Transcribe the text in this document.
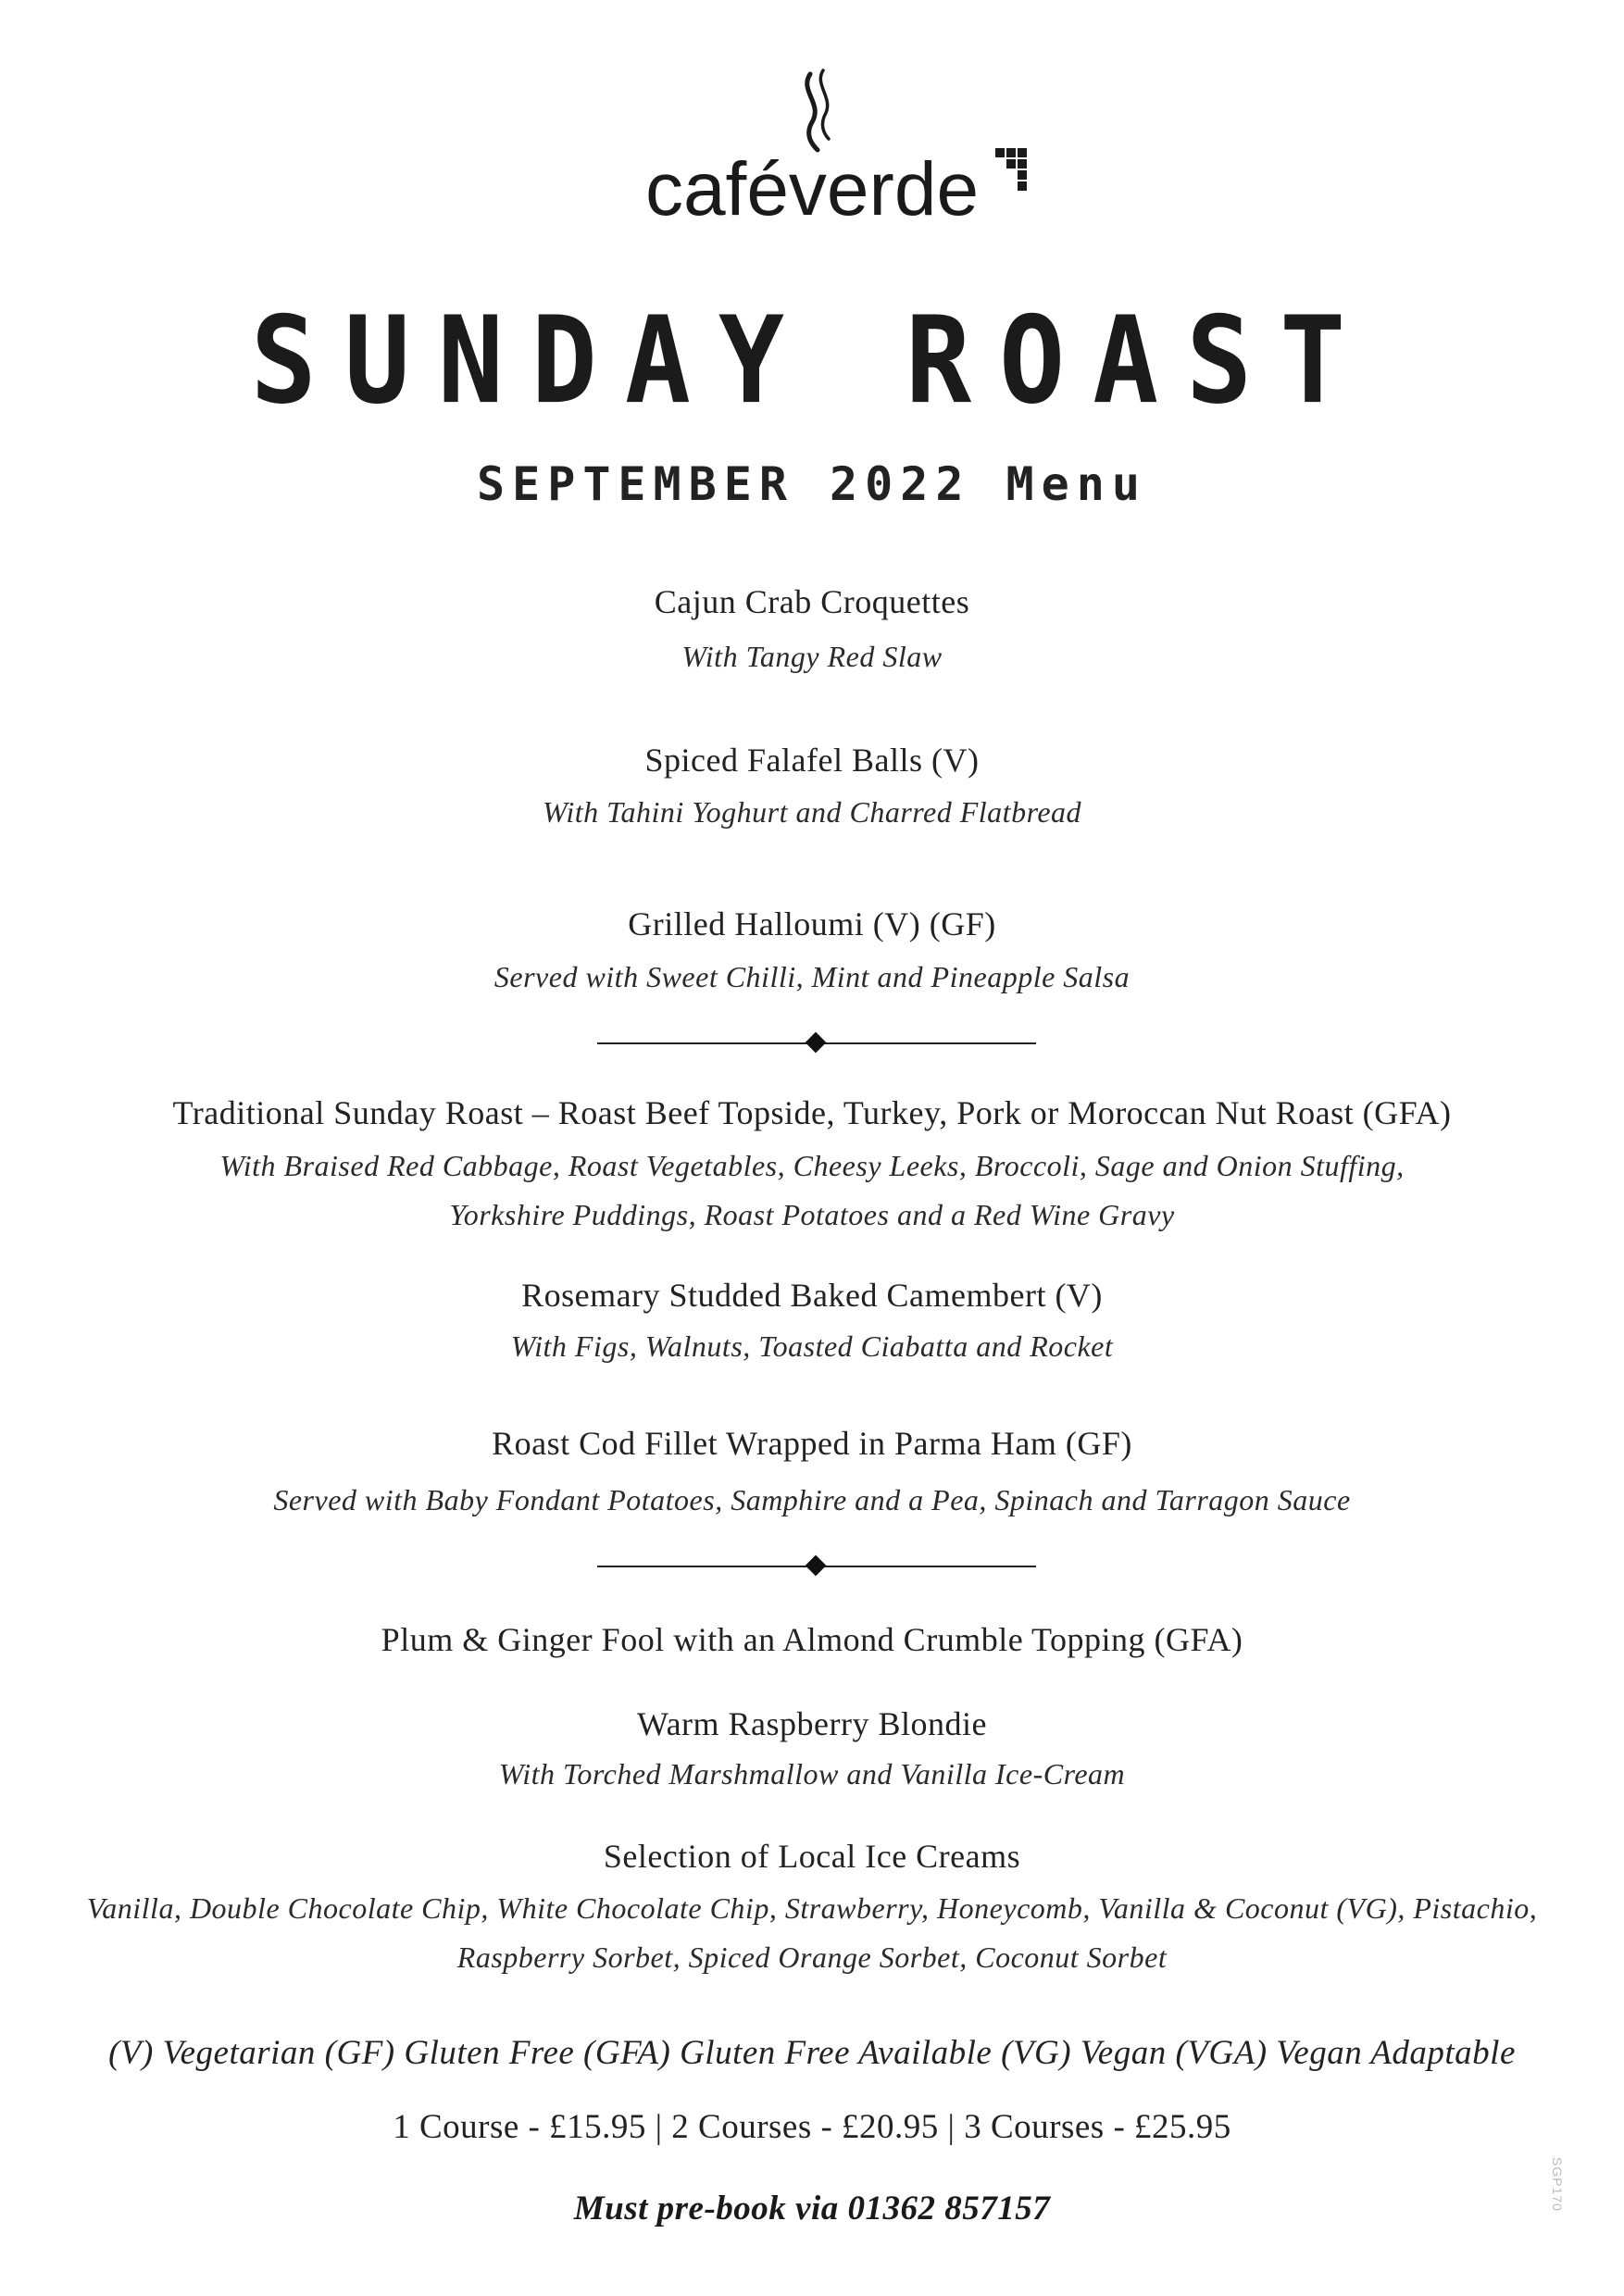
caféverde
SUNDAY ROAST
SEPTEMBER 2022 Menu
Cajun Crab Croquettes
With Tangy Red Slaw
Spiced Falafel Balls (V)
With Tahini Yoghurt and Charred Flatbread
Grilled Halloumi (V) (GF)
Served with Sweet Chilli, Mint and Pineapple Salsa
Traditional Sunday Roast – Roast Beef Topside, Turkey, Pork or Moroccan Nut Roast (GFA)
With Braised Red Cabbage, Roast Vegetables, Cheesy Leeks, Broccoli, Sage and Onion Stuffing,
Yorkshire Puddings, Roast Potatoes and a Red Wine Gravy
Rosemary Studded Baked Camembert (V)
With Figs, Walnuts, Toasted Ciabatta and Rocket
Roast Cod Fillet Wrapped in Parma Ham (GF)
Served with Baby Fondant Potatoes, Samphire and a Pea, Spinach and Tarragon Sauce
Plum & Ginger Fool with an Almond Crumble Topping (GFA)
Warm Raspberry Blondie
With Torched Marshmallow and Vanilla Ice-Cream
Selection of Local Ice Creams
Vanilla, Double Chocolate Chip, White Chocolate Chip, Strawberry, Honeycomb, Vanilla & Coconut (VG), Pistachio,
Raspberry Sorbet, Spiced Orange Sorbet, Coconut Sorbet
(V) Vegetarian (GF) Gluten Free (GFA) Gluten Free Available (VG) Vegan (VGA) Vegan Adaptable
1 Course - £15.95 | 2 Courses - £20.95 | 3 Courses - £25.95
Must pre-book via 01362 857157	SGP170
